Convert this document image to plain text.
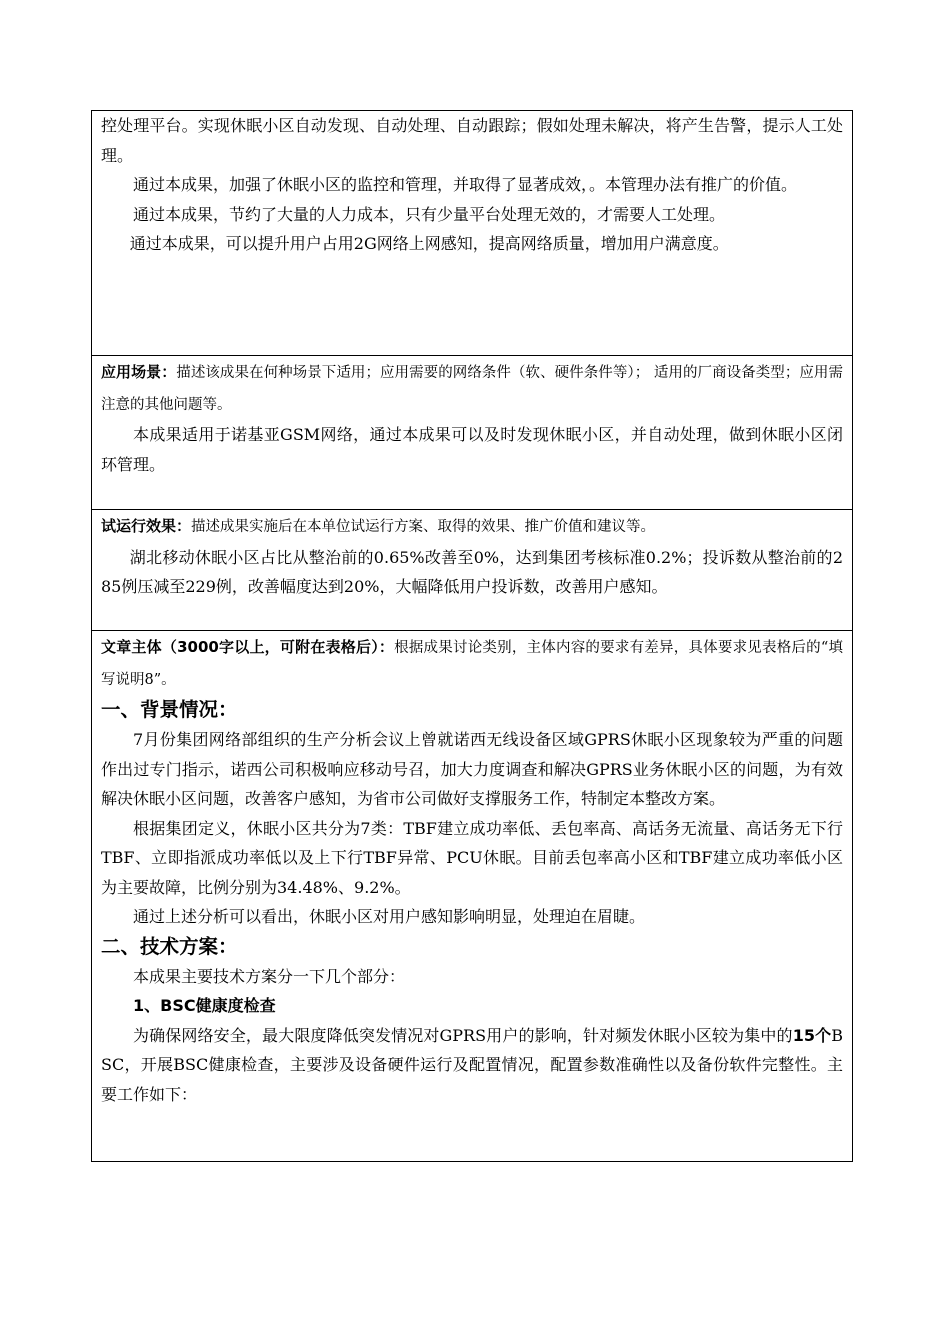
控处理平台。实现休眠小区自动发现、自动处理、自动跟踪；假如处理未解决，将产生告警，提示人工处理。

通过本成果，加强了休眠小区的监控和管理，并取得了显著成效，。本管理办法有推广的价值。

通过本成果，节约了大量的人力成本，只有少量平台处理无效的，才需要人工处理。

通过本成果，可以提升用户占用2G网络上网感知，提高网络质量，增加用户满意度。

应用场景：描述该成果在何种场景下适用；应用需要的网络条件（软、硬件条件等）； 适用的厂商设备类型；应用需注意的其他问题等。

本成果适用于诺基亚GSM网络，通过本成果可以及时发现休眠小区，并自动处理，做到休眠小区闭环管理。

试运行效果：描述成果实施后在本单位试运行方案、取得的效果、推广价值和建议等。

湖北移动休眠小区占比从整治前的0.65%改善至0%，达到集团考核标准0.2%；投诉数从整治前的285例压减至229例，改善幅度达到20%，大幅降低用户投诉数，改善用户感知。

文章主体（3000字以上，可附在表格后）：根据成果讨论类别，主体内容的要求有差异，具体要求见表格后的“填写说明8”。

一、背景情况：

7月份集团网络部组织的生产分析会议上曾就诺西无线设备区域GPRS休眠小区现象较为严重的问题作出过专门指示，诺西公司积极响应移动号召，加大力度调查和解决GPRS业务休眠小区的问题，为有效解决休眠小区问题，改善客户感知，为省市公司做好支撑服务工作，特制定本整改方案。

根据集团定义，休眠小区共分为7类：TBF建立成功率低、丢包率高、高话务无流量、高话务无下行TBF、立即指派成功率低以及上下行TBF异常、PCU休眠。目前丢包率高小区和TBF建立成功率低小区为主要故障，比例分别为34.48%、9.2%。

通过上述分析可以看出，休眠小区对用户感知影响明显，处理迫在眉睫。

二、技术方案：

本成果主要技术方案分一下几个部分：

1、BSC健康度检查

为确保网络安全，最大限度降低突发情况对GPRS用户的影响，针对频发休眠小区较为集中的15个BSC，开展BSC健康检查，主要涉及设备硬件运行及配置情况，配置参数准确性以及备份软件完整性。主要工作如下：
